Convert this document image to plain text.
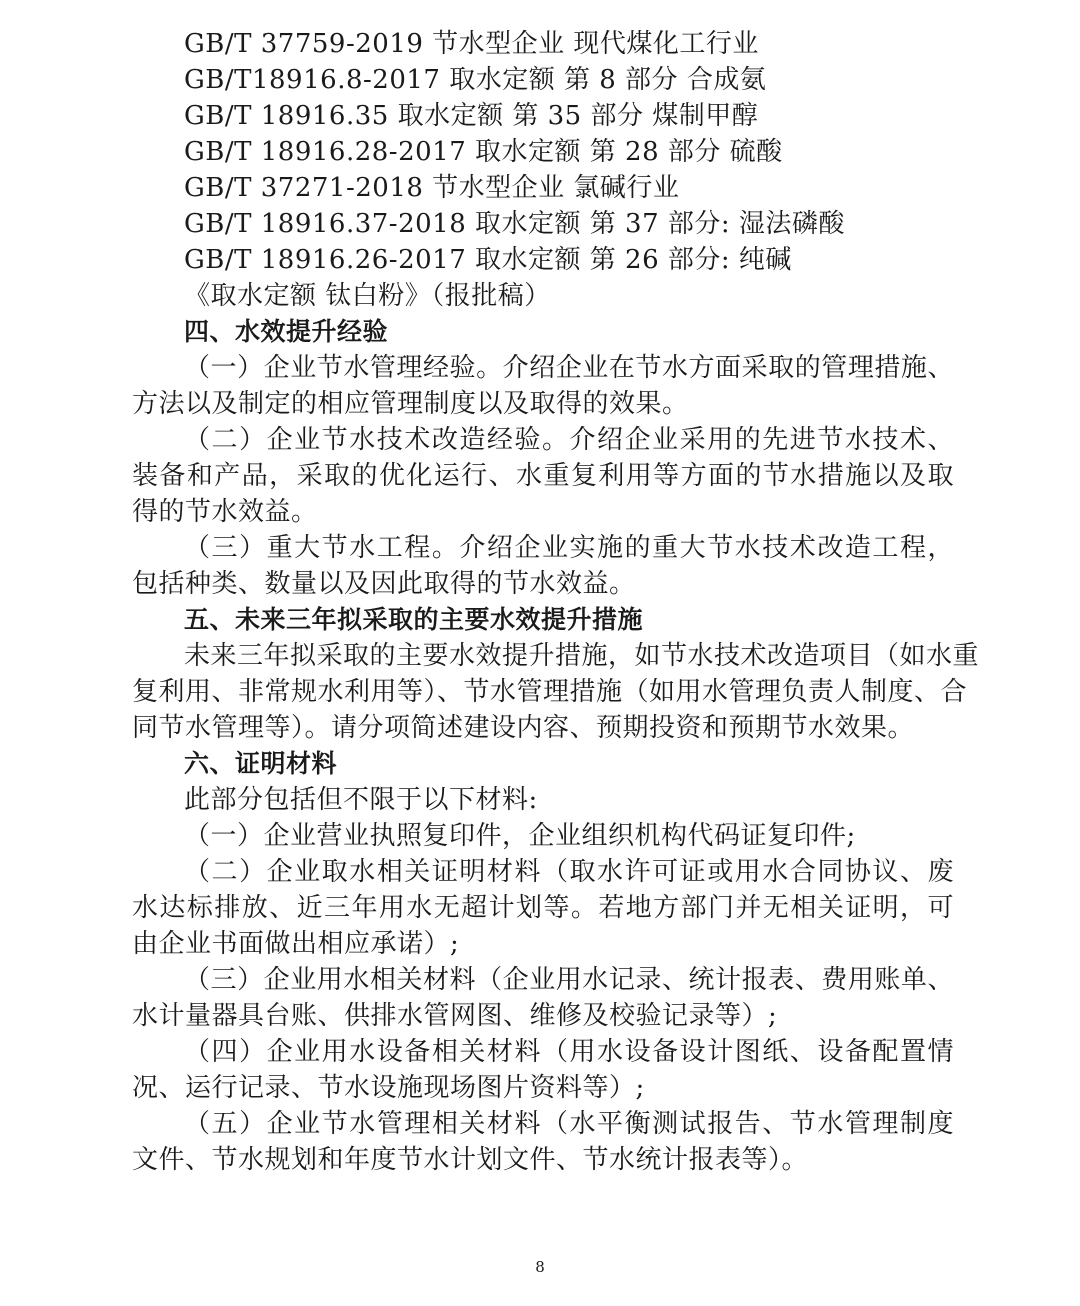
GB/T 37759-2019 节水型企业 现代煤化工行业
GB/T18916.8-2017 取水定额 第 8 部分 合成氨
GB/T 18916.35 取水定额 第 35 部分 煤制甲醇
GB/T 18916.28-2017 取水定额 第 28 部分 硫酸
GB/T 37271-2018 节水型企业 氯碱行业
GB/T 18916.37-2018 取水定额 第 37 部分: 湿法磷酸
GB/T 18916.26-2017 取水定额 第 26 部分: 纯碱
《取水定额 钛白粉》（报批稿）
四、水效提升经验
（一）企业节水管理经验。介绍企业在节水方面采取的管理措施、
方法以及制定的相应管理制度以及取得的效果。
（二）企业节水技术改造经验。介绍企业采用的先进节水技术、
装备和产品，采取的优化运行、水重复利用等方面的节水措施以及取
得的节水效益。
（三）重大节水工程。介绍企业实施的重大节水技术改造工程，
包括种类、数量以及因此取得的节水效益。
五、未来三年拟采取的主要水效提升措施
未来三年拟采取的主要水效提升措施，如节水技术改造项目（如水重
复利用、非常规水利用等）、节水管理措施（如用水管理负责人制度、合
同节水管理等）。请分项简述建设内容、预期投资和预期节水效果。
六、证明材料
此部分包括但不限于以下材料:
（一）企业营业执照复印件，企业组织机构代码证复印件;
（二）企业取水相关证明材料（取水许可证或用水合同协议、废
水达标排放、近三年用水无超计划等。若地方部门并无相关证明，可
由企业书面做出相应承诺）;
（三）企业用水相关材料（企业用水记录、统计报表、费用账单、
水计量器具台账、供排水管网图、维修及校验记录等）;
（四）企业用水设备相关材料（用水设备设计图纸、设备配置情
况、运行记录、节水设施现场图片资料等）;
（五）企业节水管理相关材料（水平衡测试报告、节水管理制度
文件、节水规划和年度节水计划文件、节水统计报表等）。
8
